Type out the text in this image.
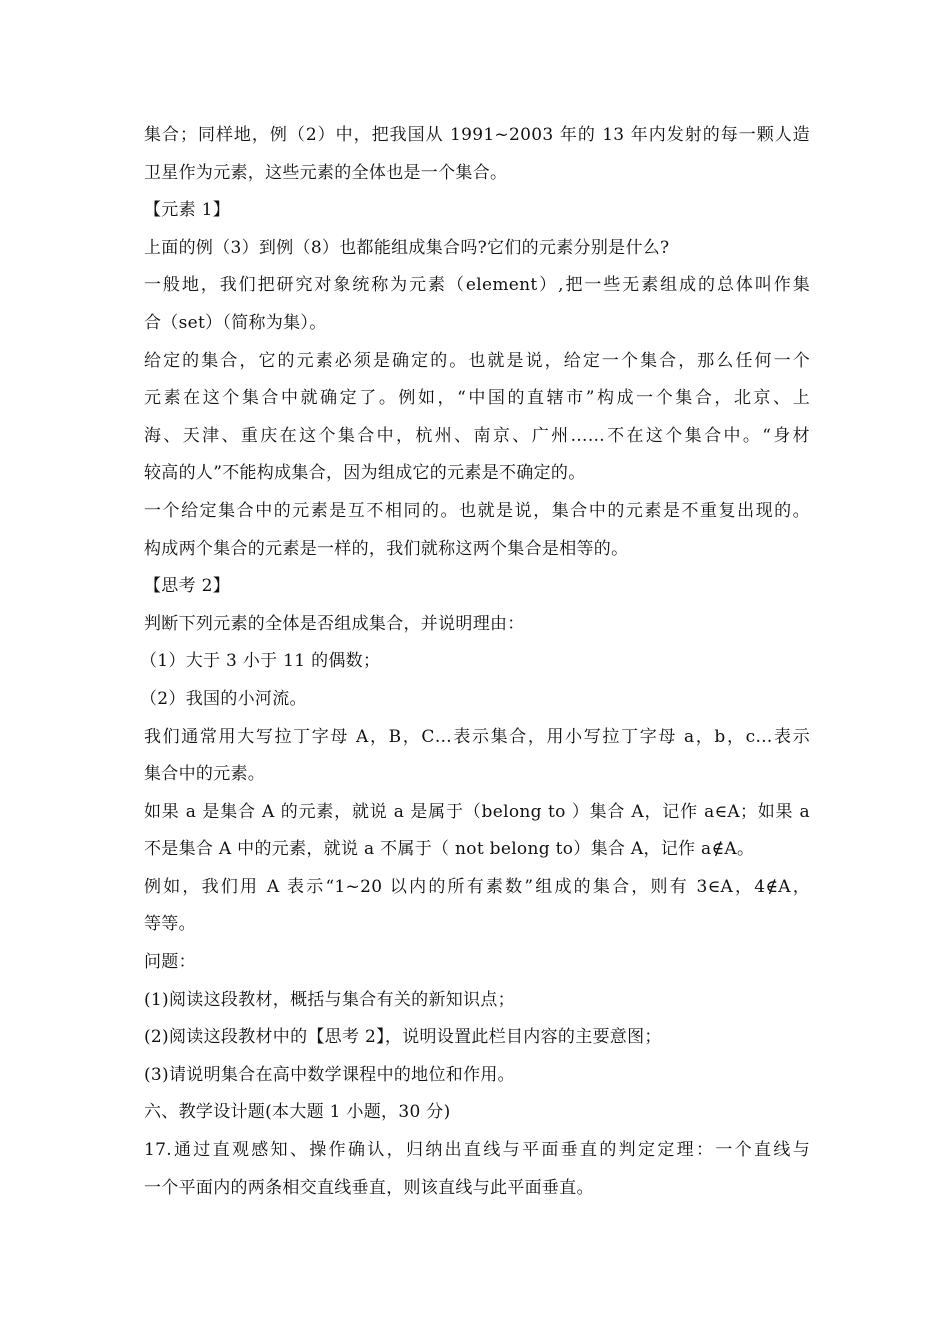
集合；同样地，例（2）中，把我国从 1991~2003 年的 13 年内发射的每一颗人造
卫星作为元素，这些元素的全体也是一个集合。
【元素 1】
上面的例（3）到例（8）也都能组成集合吗?它们的元素分别是什么?
一般地，我们把研究对象统称为元素（element）,把一些无素组成的总体叫作集
合（set）（简称为集）。
给定的集合，它的元素必须是确定的。也就是说，给定一个集合，那么任何一个
元素在这个集合中就确定了。例如，“中国的直辖市”构成一个集合，北京、上
海、天津、重庆在这个集合中，杭州、南京、广州……不在这个集合中。“身材
较高的人”不能构成集合，因为组成它的元素是不确定的。
一个给定集合中的元素是互不相同的。也就是说，集合中的元素是不重复出现的。
构成两个集合的元素是一样的，我们就称这两个集合是相等的。
【思考 2】
判断下列元素的全体是否组成集合，并说明理由：
（1）大于 3 小于 11 的偶数；
（2）我国的小河流。
我们通常用大写拉丁字母 A，B，C…表示集合，用小写拉丁字母 a，b，c…表示
集合中的元素。
如果 a 是集合 A 的元素，就说 a 是属于（belong to ）集合 A，记作 a∈A；如果 a
不是集合 A 中的元素，就说 a 不属于（ not belong to）集合 A，记作 a∉A。
例如，我们用 A 表示“1~20 以内的所有素数”组成的集合，则有 3∈A，4∉A，
等等。
问题：
(1)阅读这段教材，概括与集合有关的新知识点；
(2)阅读这段教材中的【思考 2】，说明设置此栏目内容的主要意图；
(3)请说明集合在高中数学课程中的地位和作用。
六、教学设计题(本大题 1 小题，30 分)
17.通过直观感知、操作确认，归纳出直线与平面垂直的判定定理：一个直线与
一个平面内的两条相交直线垂直，则该直线与此平面垂直。
